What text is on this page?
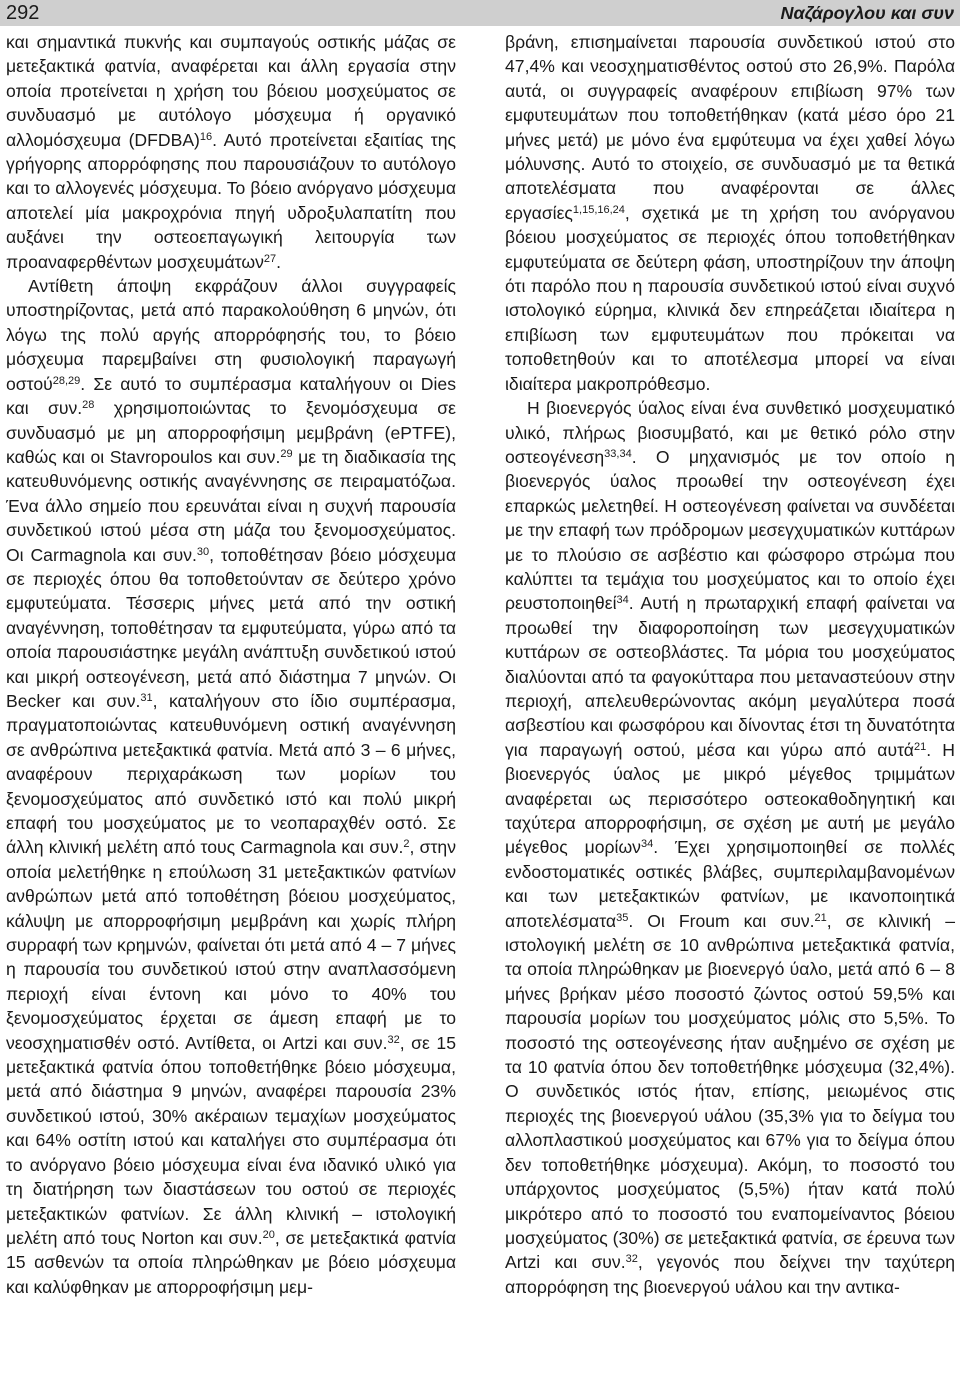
292	Ναζάρογλου και συν

και σημαντικά πυκνής και συμπαγούς οστικής μάζας σε μετεξακτικά φατνία, αναφέρεται και άλλη εργασία στην οποία προτείνεται η χρήση του βόειου μοσχεύματος σε συνδυασμό με αυτόλογο μόσχευμα ή οργανικό αλλομόσχευμα (DFDBA)$^{16}$. Αυτό προτείνεται εξαιτίας της γρήγορης απορρόφησης που παρουσιάζουν το αυτόλογο και το αλλογενές μόσχευμα. Το βόειο ανόργανο μόσχευμα αποτελεί μία μακροχρόνια πηγή υδροξυλαπατίτη που αυξάνει την οστεοεπαγωγική λειτουργία των προαναφερθέντων μοσχευμάτων$^{27}$.

Αντίθετη άποψη εκφράζουν άλλοι συγγραφείς υποστηρίζοντας, μετά από παρακολούθηση 6 μηνών, ότι λόγω της πολύ αργής απορρόφησής του, το βόειο μόσχευμα παρεμβαίνει στη φυσιολογική παραγωγή οστού$^{28,29}$. Σε αυτό το συμπέρασμα καταλήγουν οι Dies και συν.$^{28}$ χρησιμοποιώντας το ξενομόσχευμα σε συνδυασμό με μη απορροφήσιμη μεμβράνη (ePTFE), καθώς και οι Stavropoulos και συν.$^{29}$ με τη διαδικασία της κατευθυνόμενης οστικής αναγέννησης σε πειραματόζωα. Ένα άλλο σημείο που ερευνάται είναι η συχνή παρουσία συνδετικού ιστού μέσα στη μάζα του ξενομοσχεύματος. Οι Carmagnola και συν.$^{30}$, τοποθέτησαν βόειο μόσχευμα σε περιοχές όπου θα τοποθετούνταν σε δεύτερο χρόνο εμφυτεύματα. Τέσσερις μήνες μετά από την οστική αναγέννηση, τοποθέτησαν τα εμφυτεύματα, γύρω από τα οποία παρουσιάστηκε μεγάλη ανάπτυξη συνδετικού ιστού και μικρή οστεογένεση, μετά από διάστημα 7 μηνών. Οι Becker και συν.$^{31}$, καταλήγουν στο ίδιο συμπέρασμα, πραγματοποιώντας κατευθυνόμενη οστική αναγέννηση σε ανθρώπινα μετεξακτικά φατνία. Μετά από 3 – 6 μήνες, αναφέρουν περιχαράκωση των μορίων του ξενομοσχεύματος από συνδετικό ιστό και πολύ μικρή επαφή του μοσχεύματος με το νεοπαραχθέν οστό. Σε άλλη κλινική μελέτη από τους Carmagnola και συν.$^2$, στην οποία μελετήθηκε η επούλωση 31 μετεξακτικών φατνίων ανθρώπων μετά από τοποθέτηση βόειου μοσχεύματος, κάλυψη με απορροφήσιμη μεμβράνη και χωρίς πλήρη συρραφή των κρημνών, φαίνεται ότι μετά από 4 – 7 μήνες η παρουσία του συνδετικού ιστού στην αναπλασσόμενη περιοχή είναι έντονη και μόνο το 40% του ξενομοσχεύματος έρχεται σε άμεση επαφή με το νεοσχηματισθέν οστό. Αντίθετα, οι Artzi και συν.$^{32}$, σε 15 μετεξακτικά φατνία όπου τοποθετήθηκε βόειο μόσχευμα, μετά από διάστημα 9 μηνών, αναφέρει παρουσία 23% συνδετικού ιστού, 30% ακέραιων τεμαχίων μοσχεύματος και 64% οστίτη ιστού και καταλήγει στο συμπέρασμα ότι το ανόργανο βόειο μόσχευμα είναι ένα ιδανικό υλικό για τη διατήρηση των διαστάσεων του οστού σε περιοχές μετεξακτικών φατνίων. Σε άλλη κλινική – ιστολογική μελέτη από τους Norton και συν.$^{20}$, σε μετεξακτικά φατνία 15 ασθενών τα οποία πληρώθηκαν με βόειο μόσχευμα και καλύφθηκαν με απορροφήσιμη μεμ-

βράνη, επισημαίνεται παρουσία συνδετικού ιστού στο 47,4% και νεοσχηματισθέντος οστού στο 26,9%. Παρόλα αυτά, οι συγγραφείς αναφέρουν επιβίωση 97% των εμφυτευμάτων που τοποθετήθηκαν (κατά μέσο όρο 21 μήνες μετά) με μόνο ένα εμφύτευμα να έχει χαθεί λόγω μόλυνσης. Αυτό το στοιχείο, σε συνδυασμό με τα θετικά αποτελέσματα που αναφέρονται σε άλλες εργασίες$^{1,15,16,24}$, σχετικά με τη χρήση του ανόργανου βόειου μοσχεύματος σε περιοχές όπου τοποθετήθηκαν εμφυτεύματα σε δεύτερη φάση, υποστηρίζουν την άποψη ότι παρόλο που η παρουσία συνδετικού ιστού είναι συχνό ιστολογικό εύρημα, κλινικά δεν επηρεάζεται ιδιαίτερα η επιβίωση των εμφυτευμάτων που πρόκειται να τοποθετηθούν και το αποτέλεσμα μπορεί να είναι ιδιαίτερα μακροπρόθεσμο.

Η βιοενεργός ύαλος είναι ένα συνθετικό μοσχευματικό υλικό, πλήρως βιοσυμβατό, και με θετικό ρόλο στην οστεογένεση$^{33,34}$. Ο μηχανισμός με τον οποίο η βιοενεργός ύαλος προωθεί την οστεογένεση έχει επαρκώς μελετηθεί. Η οστεογένεση φαίνεται να συνδέεται με την επαφή των πρόδρομων μεσεγχυματικών κυττάρων με το πλούσιο σε ασβέστιο και φώσφορο στρώμα που καλύπτει τα τεμάχια του μοσχεύματος και το οποίο έχει ρευστοποιηθεί$^{34}$. Αυτή η πρωταρχική επαφή φαίνεται να προωθεί την διαφοροποίηση των μεσεγχυματικών κυττάρων σε οστεοβλάστες. Τα μόρια του μοσχεύματος διαλύονται από τα φαγοκύτταρα που μεταναστεύουν στην περιοχή, απελευθερώνοντας ακόμη μεγαλύτερα ποσά ασβεστίου και φωσφόρου και δίνοντας έτσι τη δυνατότητα για παραγωγή οστού, μέσα και γύρω από αυτά$^{21}$. Η βιοενεργός ύαλος με μικρό μέγεθος τριμμάτων αναφέρεται ως περισσότερο οστεοκαθοδηγητική και ταχύτερα απορροφήσιμη, σε σχέση με αυτή με μεγάλο μέγεθος μορίων$^{34}$. Έχει χρησιμοποιηθεί σε πολλές ενδοστοματικές οστικές βλάβες, συμπεριλαμβανομένων και των μετεξακτικών φατνίων, με ικανοποιητικά αποτελέσματα$^{35}$. Οι Froum και συν.$^{21}$, σε κλινική – ιστολογική μελέτη σε 10 ανθρώπινα μετεξακτικά φατνία, τα οποία πληρώθηκαν με βιοενεργό ύαλο, μετά από 6 – 8 μήνες βρήκαν μέσο ποσοστό ζώντος οστού 59,5% και παρουσία μορίων του μοσχεύματος μόλις στο 5,5%. Το ποσοστό της οστεογένεσης ήταν αυξημένο σε σχέση με τα 10 φατνία όπου δεν τοποθετήθηκε μόσχευμα (32,4%). Ο συνδετικός ιστός ήταν, επίσης, μειωμένος στις περιοχές της βιοενεργού υάλου (35,3% για το δείγμα του αλλοπλαστικού μοσχεύματος και 67% για το δείγμα όπου δεν τοποθετήθηκε μόσχευμα). Ακόμη, το ποσοστό του υπάρχοντος μοσχεύματος (5,5%) ήταν κατά πολύ μικρότερο από το ποσοστό του εναπομείναντος βόειου μοσχεύματος (30%) σε μετεξακτικά φατνία, σε έρευνα των Artzi και συν.$^{32}$, γεγονός που δείχνει την ταχύτερη απορρόφηση της βιοενεργού υάλου και την αντικα-
